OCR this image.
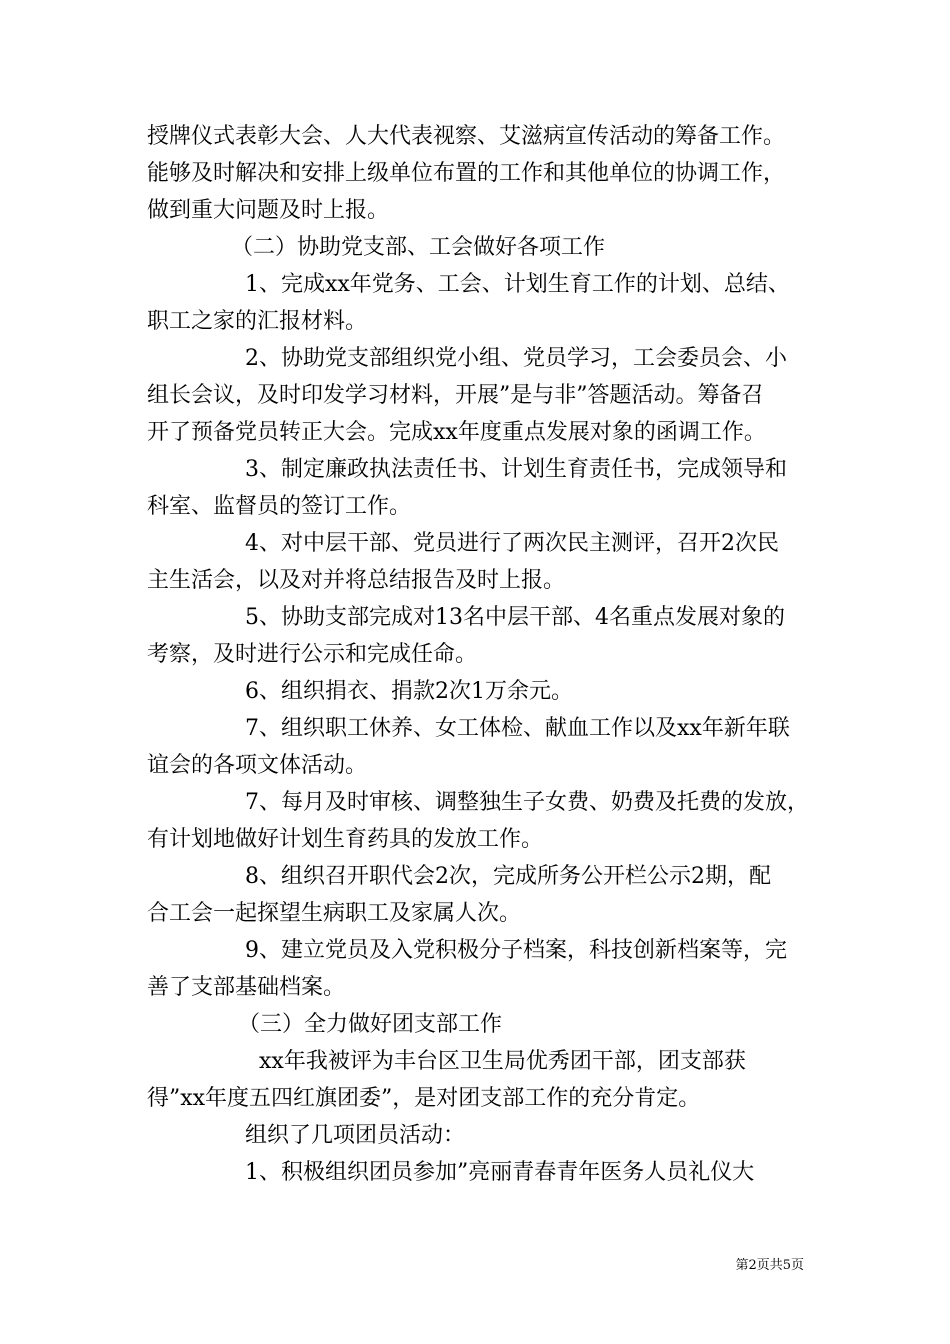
授牌仪式表彰大会、人大代表视察、艾滋病宣传活动的筹备工作。
能够及时解决和安排上级单位布置的工作和其他单位的协调工作，
做到重大问题及时上报。
（二）协助党支部、工会做好各项工作
1、完成xx年党务、工会、计划生育工作的计划、总结、
职工之家的汇报材料。
2、协助党支部组织党小组、党员学习，工会委员会、小
组长会议，及时印发学习材料，开展”是与非”答题活动。筹备召
开了预备党员转正大会。完成xx年度重点发展对象的函调工作。
3、制定廉政执法责任书、计划生育责任书，完成领导和
科室、监督员的签订工作。
4、对中层干部、党员进行了两次民主测评，召开2次民
主生活会，以及对并将总结报告及时上报。
5、协助支部完成对13名中层干部、4名重点发展对象的
考察，及时进行公示和完成任命。
6、组织捐衣、捐款2次1万余元。
7、组织职工休养、女工体检、献血工作以及xx年新年联
谊会的各项文体活动。
7、每月及时审核、调整独生子女费、奶费及托费的发放，
有计划地做好计划生育药具的发放工作。
8、组织召开职代会2次，完成所务公开栏公示2期，配
合工会一起探望生病职工及家属人次。
9、建立党员及入党积极分子档案，科技创新档案等，完
善了支部基础档案。
（三）全力做好团支部工作
xx年我被评为丰台区卫生局优秀团干部，团支部获
得”xx年度五四红旗团委”，是对团支部工作的充分肯定。
组织了几项团员活动：
1、积极组织团员参加”亮丽青春青年医务人员礼仪大
第2页共5页
